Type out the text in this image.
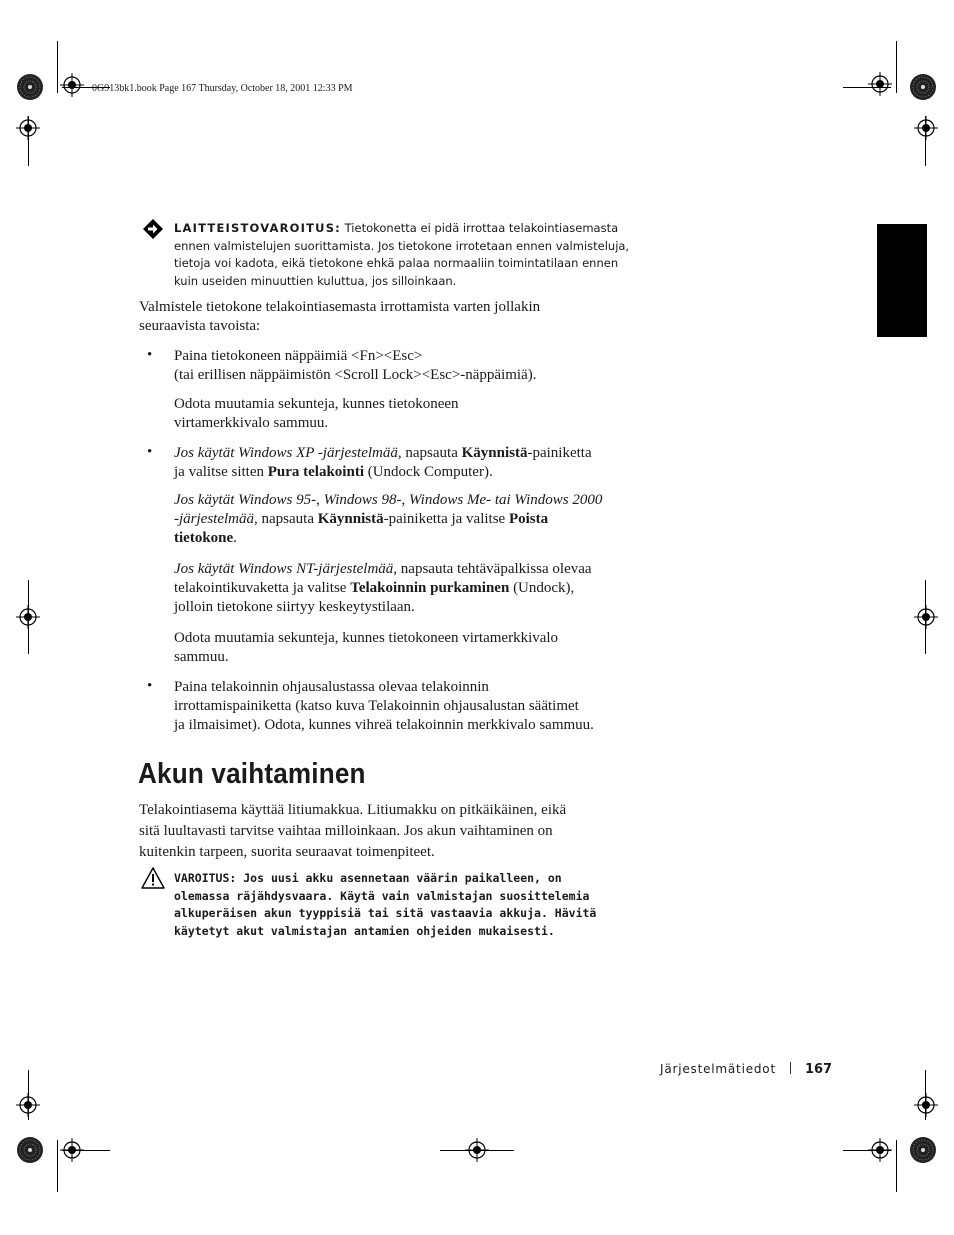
0G913bk1.book Page 167 Thursday, October 18, 2001 12:33 PM
LAITTEISTOVAROITUS: Tietokonetta ei pidä irrottaa telakointiasemasta
ennen valmistelujen suorittamista. Jos tietokone irrotetaan ennen valmisteluja,
tietoja voi kadota, eikä tietokone ehkä palaa normaaliin toimintatilaan ennen
kuin useiden minuuttien kuluttua, jos silloinkaan.
Valmistele tietokone telakointiasemasta irrottamista varten jollakin
seuraavista tavoista:
• Paina tietokoneen näppäimiä <Fn><Esc>
(tai erillisen näppäimistön <Scroll Lock><Esc>-näppäimiä).
Odota muutamia sekunteja, kunnes tietokoneen
virtamerkkivalo sammuu.
• Jos käytät Windows XP -järjestelmää, napsauta Käynnistä-painiketta
ja valitse sitten Pura telakointi (Undock Computer).
Jos käytät Windows 95-, Windows 98-, Windows Me- tai Windows 2000
-järjestelmää, napsauta Käynnistä-painiketta ja valitse Poista
tietokone.
Jos käytät Windows NT-järjestelmää, napsauta tehtäväpalkissa olevaa
telakointikuvaketta ja valitse Telakoinnin purkaminen (Undock),
jolloin tietokone siirtyy keskeytystilaan.
Odota muutamia sekunteja, kunnes tietokoneen virtamerkkivalo
sammuu.
• Paina telakoinnin ohjausalustassa olevaa telakoinnin
irrottamispainiketta (katso kuva Telakoinnin ohjausalustan säätimet
ja ilmaisimet). Odota, kunnes vihreä telakoinnin merkkivalo sammuu.
Akun vaihtaminen
Telakointiasema käyttää litiumakkua. Litiumakku on pitkäikäinen, eikä
sitä luultavasti tarvitse vaihtaa milloinkaan. Jos akun vaihtaminen on
kuitenkin tarpeen, suorita seuraavat toimenpiteet.
VAROITUS: Jos uusi akku asennetaan väärin paikalleen, on
olemassa räjähdysvaara. Käytä vain valmistajan suosittelemia
alkuperäisen akun tyyppisiä tai sitä vastaavia akkuja. Hävitä
käytetyt akut valmistajan antamien ohjeiden mukaisesti.
Järjestelmätiedot 167
